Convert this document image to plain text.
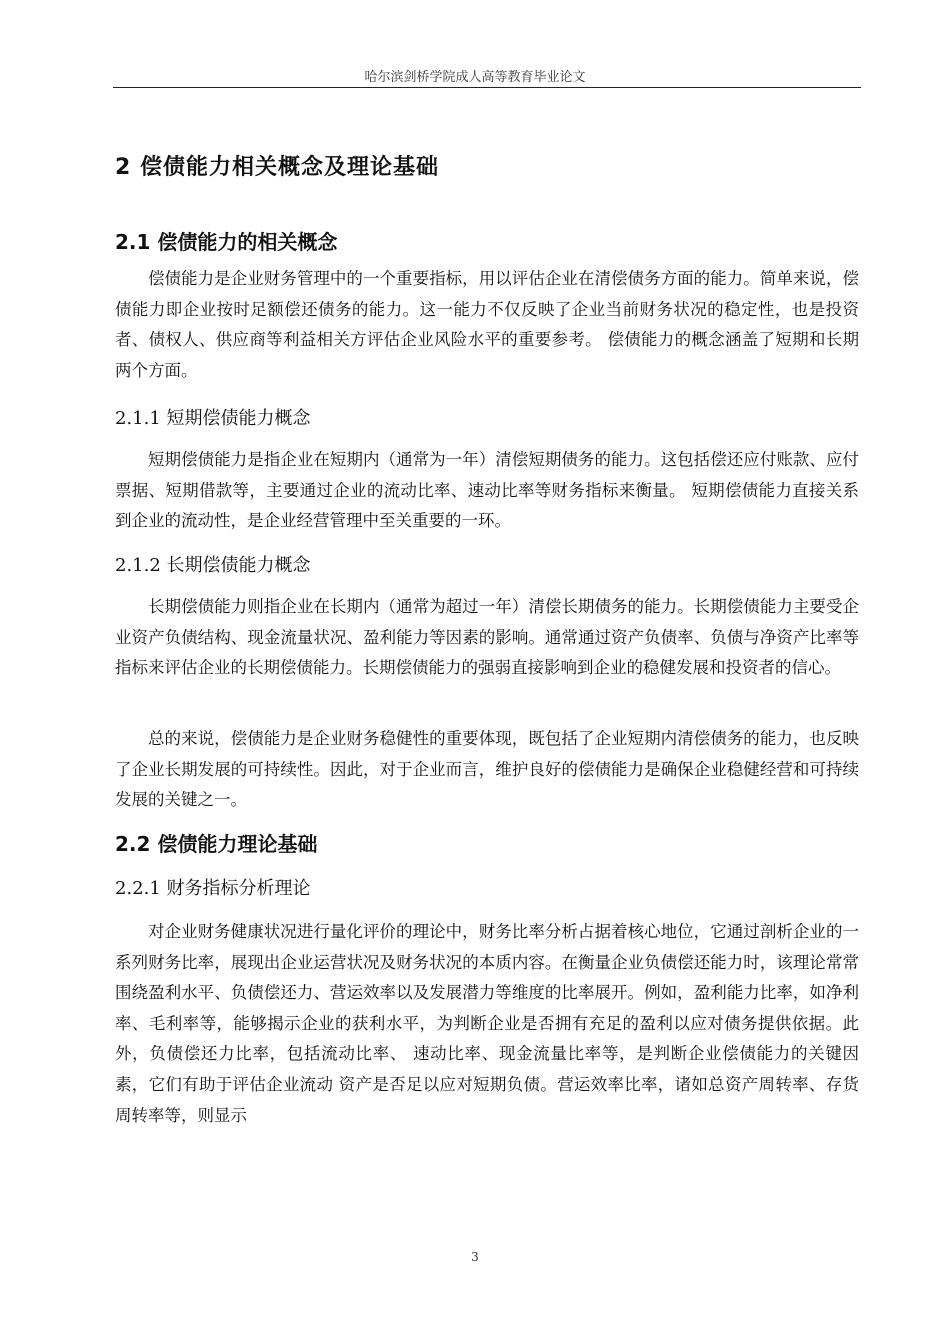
哈尔滨剑桥学院成人高等教育毕业论文
2 偿债能力相关概念及理论基础
2.1 偿债能力的相关概念

偿债能力是企业财务管理中的一个重要指标，用以评估企业在清偿债务方面的能力。简单来说，偿债能力即企业按时足额偿还债务的能力。这一能力不仅反映了企业当前财务状况的稳定性，也是投资者、债权人、供应商等利益相关方评估企业风险水平的重要参考。 偿债能力的概念涵盖了短期和长期两个方面。

2.1.1 短期偿债能力概念

短期偿债能力是指企业在短期内（通常为一年）清偿短期债务的能力。这包括偿还应付账款、应付票据、短期借款等，主要通过企业的流动比率、速动比率等财务指标来衡量。 短期偿债能力直接关系到企业的流动性，是企业经营管理中至关重要的一环。

2.1.2 长期偿债能力概念

长期偿债能力则指企业在长期内（通常为超过一年）清偿长期债务的能力。长期偿债能力主要受企业资产负债结构、现金流量状况、盈利能力等因素的影响。通常通过资产负债率、负债与净资产比率等指标来评估企业的长期偿债能力。长期偿债能力的强弱直接影响到企业的稳健发展和投资者的信心。

总的来说，偿债能力是企业财务稳健性的重要体现，既包括了企业短期内清偿债务的能力，也反映了企业长期发展的可持续性。因此，对于企业而言，维护良好的偿债能力是确保企业稳健经营和可持续发展的关键之一。

2.2 偿债能力理论基础
2.2.1 财务指标分析理论

对企业财务健康状况进行量化评价的理论中，财务比率分析占据着核心地位，它通过剖析企业的一系列财务比率，展现出企业运营状况及财务状况的本质内容。在衡量企业负债偿还能力时，该理论常常围绕盈利水平、负债偿还力、营运效率以及发展潜力等维度的比率展开。例如，盈利能力比率，如净利率、毛利率等，能够揭示企业的获利水平，为判断企业是否拥有充足的盈利以应对债务提供依据。此外，负债偿还力比率，包括流动比率、 速动比率、现金流量比率等，是判断企业偿债能力的关键因素，它们有助于评估企业流动 资产是否足以应对短期负债。营运效率比率，诸如总资产周转率、存货周转率等，则显示

3
